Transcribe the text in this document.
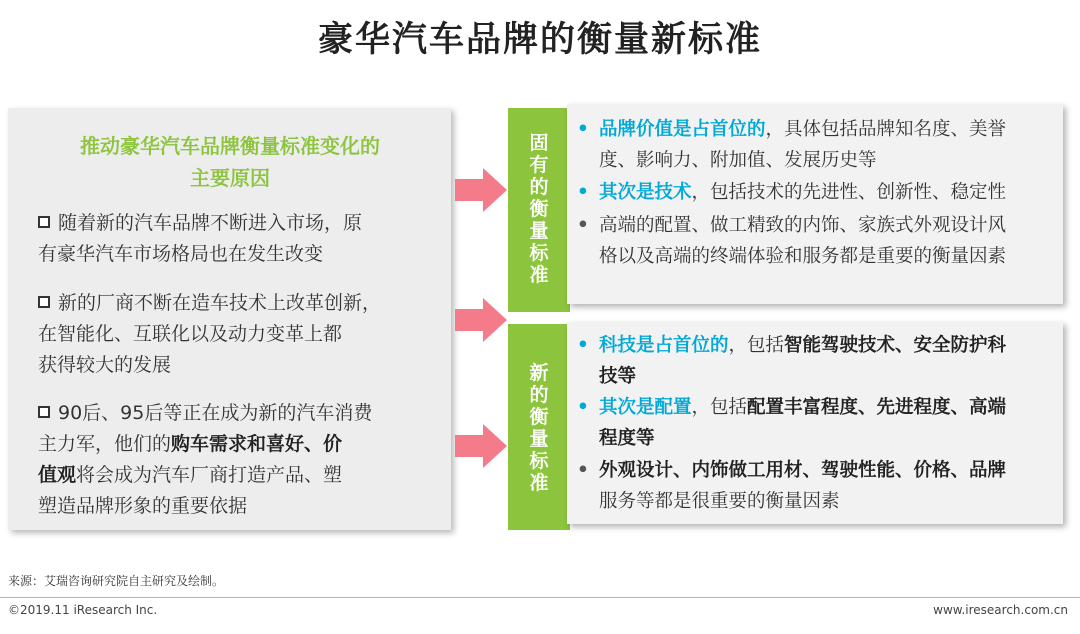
豪华汽车品牌的衡量新标准
推动豪华汽车品牌衡量标准变化的
主要原因
随着新的汽车品牌不断进入市场，原
有豪华汽车市场格局也在发生改变
新的厂商不断在造车技术上改革创新，
在智能化、互联化以及动力变革上都
获得较大的发展
90后、95后等正在成为新的汽车消费
主力军，他们的购车需求和喜好、价
值观将会成为汽车厂商打造产品、塑
塑造品牌形象的重要依据
固
有
的
衡
量
标
准
• 品牌价值是占首位的，具体包括品牌知名度、美誉
度、影响力、附加值、发展历史等
• 其次是技术，包括技术的先进性、创新性、稳定性
• 高端的配置、做工精致的内饰、家族式外观设计风
格以及高端的终端体验和服务都是重要的衡量因素
新
的
衡
量
标
准
• 科技是占首位的，包括智能驾驶技术、安全防护科
技等
• 其次是配置，包括配置丰富程度、先进程度、高端
程度等
• 外观设计、内饰做工用材、驾驶性能、价格、品牌
服务等都是很重要的衡量因素
来源：艾瑞咨询研究院自主研究及绘制。
©2019.11 iResearch Inc.	www.iresearch.com.cn
